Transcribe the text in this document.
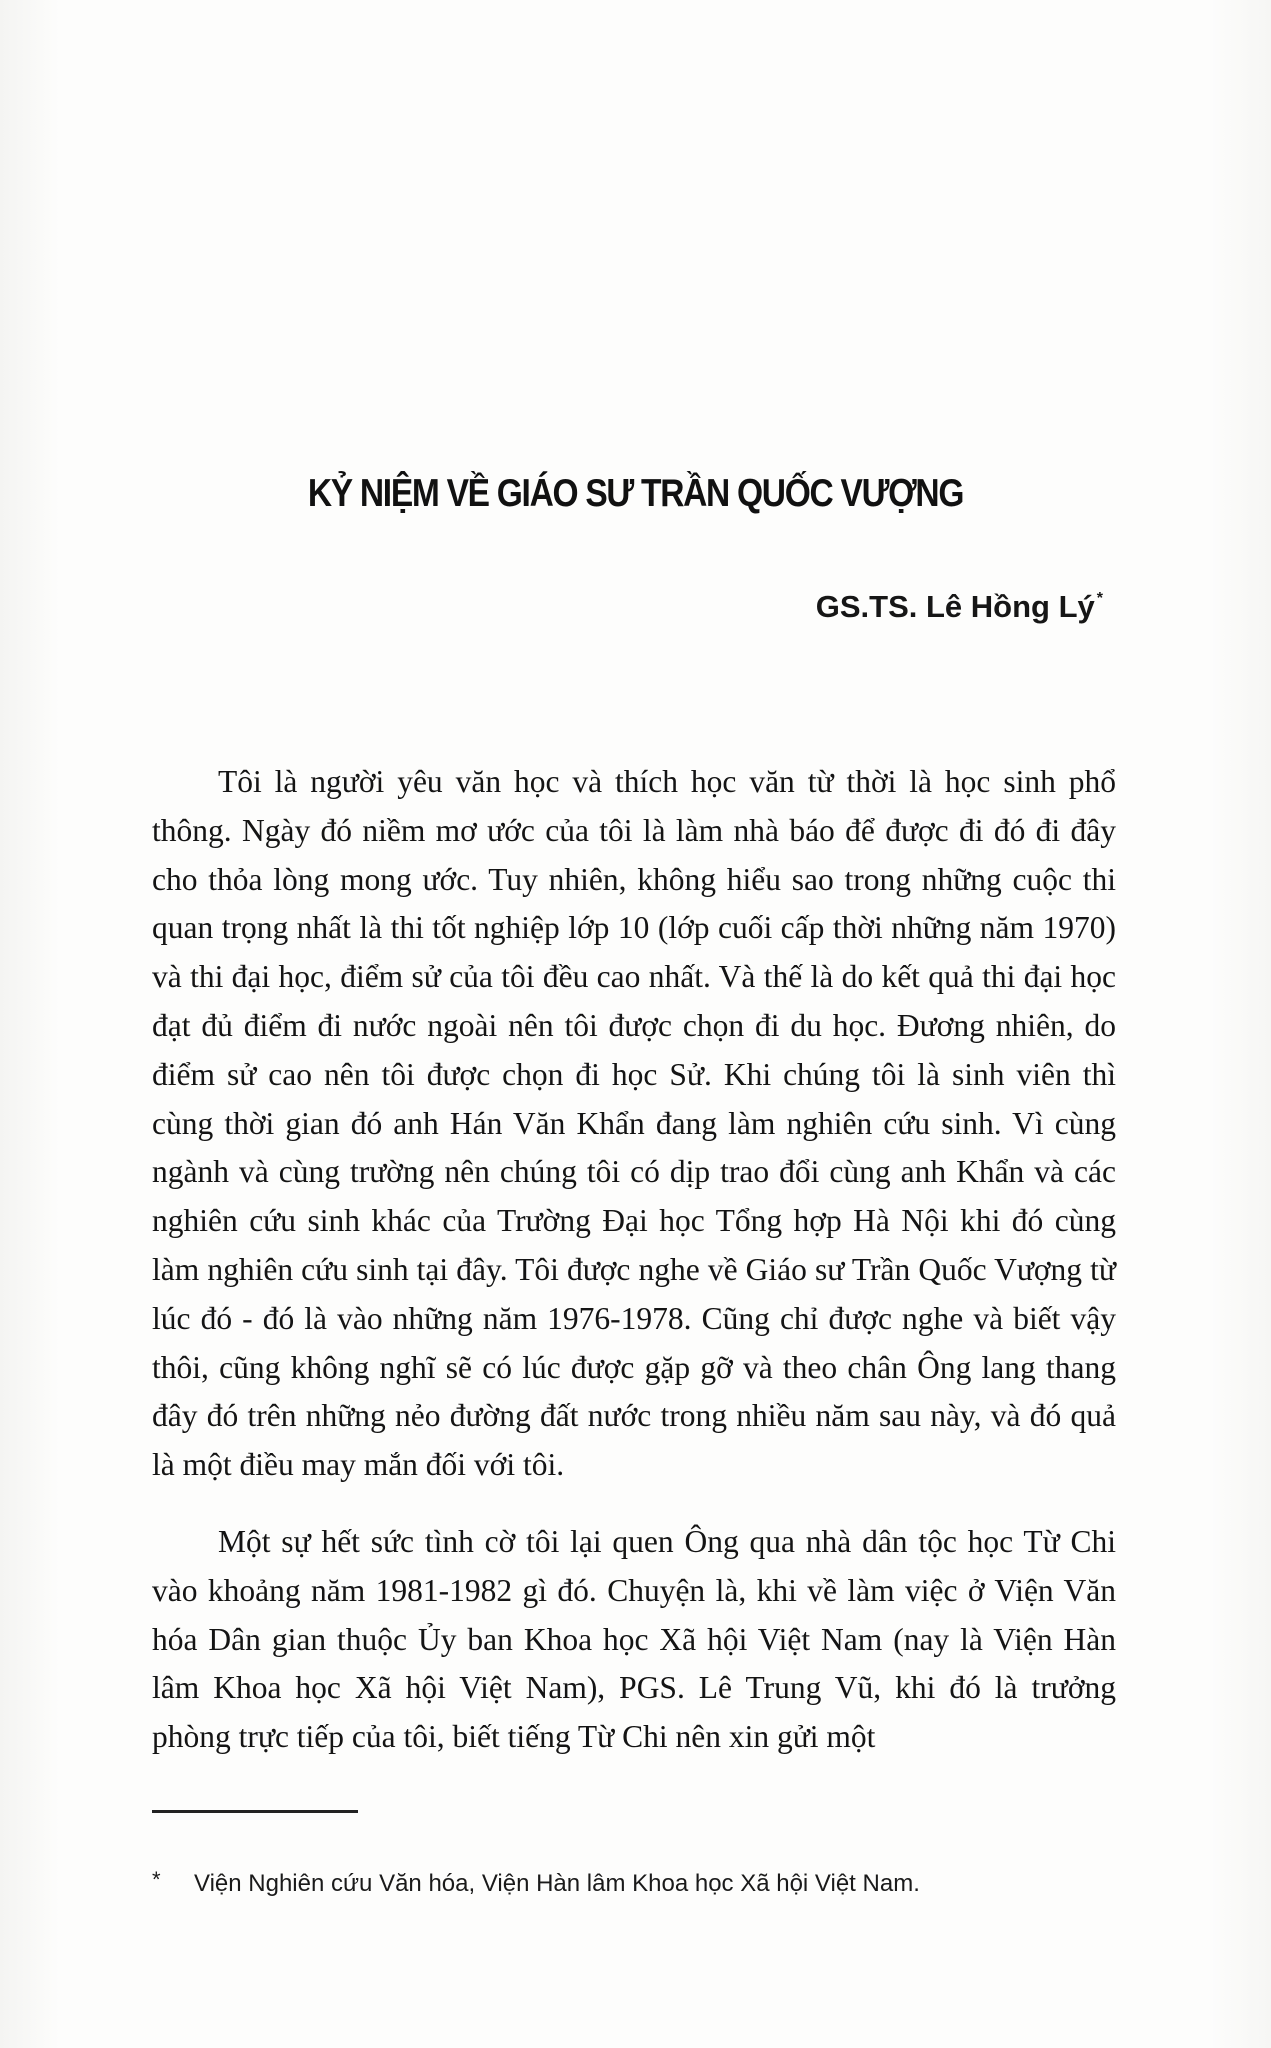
KỶ NIỆM VỀ GIÁO SƯ TRẦN QUỐC VƯỢNG
GS.TS. Lê Hồng Lý *

Tôi là người yêu văn học và thích học văn từ thời là học sinh phổ thông. Ngày đó niềm mơ ước của tôi là làm nhà báo để được đi đó đi đây cho thỏa lòng mong ước. Tuy nhiên, không hiểu sao trong những cuộc thi quan trọng nhất là thi tốt nghiệp lớp 10 (lớp cuối cấp thời những năm 1970) và thi đại học, điểm sử của tôi đều cao nhất. Và thế là do kết quả thi đại học đạt đủ điểm đi nước ngoài nên tôi được chọn đi du học. Đương nhiên, do điểm sử cao nên tôi được chọn đi học Sử. Khi chúng tôi là sinh viên thì cùng thời gian đó anh Hán Văn Khẩn đang làm nghiên cứu sinh. Vì cùng ngành và cùng trường nên chúng tôi có dịp trao đổi cùng anh Khẩn và các nghiên cứu sinh khác của Trường Đại học Tổng hợp Hà Nội khi đó cùng làm nghiên cứu sinh tại đây. Tôi được nghe về Giáo sư Trần Quốc Vượng từ lúc đó - đó là vào những năm 1976-1978. Cũng chỉ được nghe và biết vậy thôi, cũng không nghĩ sẽ có lúc được gặp gỡ và theo chân Ông lang thang đây đó trên những nẻo đường đất nước trong nhiều năm sau này, và đó quả là một điều may mắn đối với tôi.

Một sự hết sức tình cờ tôi lại quen Ông qua nhà dân tộc học Từ Chi vào khoảng năm 1981-1982 gì đó. Chuyện là, khi về làm việc ở Viện Văn hóa Dân gian thuộc Ủy ban Khoa học Xã hội Việt Nam (nay là Viện Hàn lâm Khoa học Xã hội Việt Nam), PGS. Lê Trung Vũ, khi đó là trưởng phòng trực tiếp của tôi, biết tiếng Từ Chi nên xin gửi một

* Viện Nghiên cứu Văn hóa, Viện Hàn lâm Khoa học Xã hội Việt Nam.
